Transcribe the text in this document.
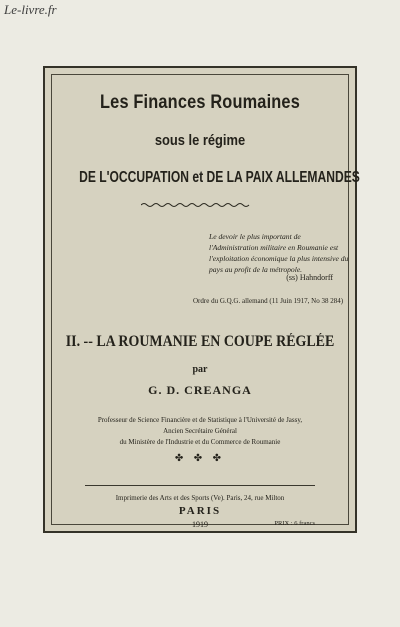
Le-livre.fr
Les Finances Roumaines
sous le régime
DE L'OCCUPATION et DE LA PAIX ALLEMANDES
Le devoir le plus important de l'Administration militaire en Roumanie est l'exploitation économique la plus intensive du pays au profit de la métropole.
(ss) Hahndorff
Ordre du G.Q.G. allemand (11 Juin 1917, No 38 284)
II. -- LA ROUMANIE EN COUPE RÉGLÉE
par
G. D. CREANGA
Professeur de Science Financière et de Statistique à l'Université de Jassy,
Ancien Secrétaire Général
du Ministère de l'Industrie et du Commerce de Roumanie
✤ ✤ ✤
Imprimerie des Arts et des Sports (Ve). Paris, 24, rue Milton
PARIS
1919	PRIX : 6 francs
